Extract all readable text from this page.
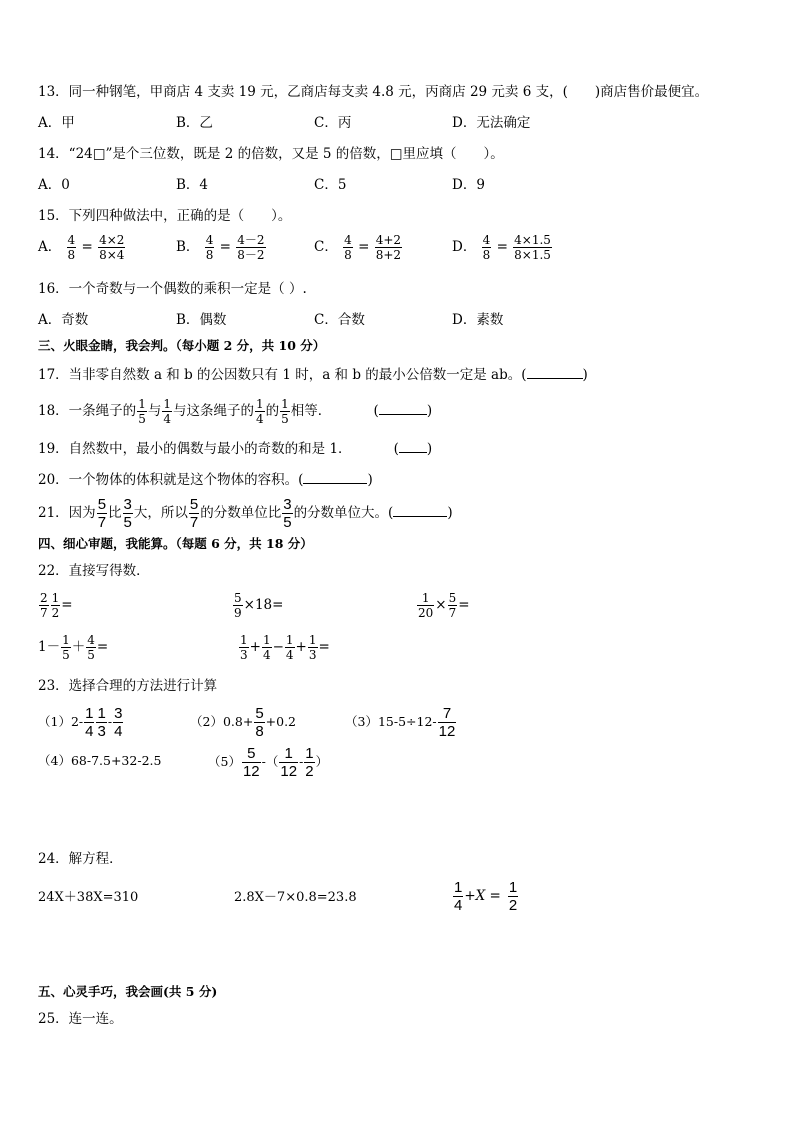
13．同一种钢笔，甲商店 4 支卖 19 元，乙商店每支卖 4.8 元，丙商店 29 元卖 6 支，(　　)商店售价最便宜。
A．甲	B．乙	C．丙	D．无法确定
14．“24□”是个三位数，既是 2 的倍数，又是 5 的倍数，□里应填（　　）。
A．0	B．4	C．5	D．9
15．下列四种做法中，正确的是（　　）。
A． $\frac{4}{8} = \frac{4\times 2}{8\times 4}$	B． $\frac{4}{8} = \frac{4-2}{8-2}$	C． $\frac{4}{8} = \frac{4+2}{8+2}$	D． $\frac{4}{8} = \frac{4\times 1.5}{8\times 1.5}$
16．一个奇数与一个偶数的乘积一定是（ ）.
A．奇数	B．偶数	C．合数	D．素数
三、火眼金睛，我会判。（每小题 2 分，共 10 分）
17．当非零自然数 a 和 b 的公因数只有 1 时，a 和 b 的最小公倍数一定是 ab。(	)
18．一条绳子的 $\frac{1}{5}$ 与 $\frac{1}{4}$ 与这条绳子的 $\frac{1}{4}$ 的 $\frac{1}{5}$ 相等．	(	)
19．自然数中，最小的偶数与最小的奇数的和是 1．	( )
20．一个物体的体积就是这个物体的容积。(	)
21．因为 $\frac{5}{7}$ 比 $\frac{3}{5}$ 大，所以 $\frac{5}{7}$ 的分数单位比 $\frac{3}{5}$ 的分数单位大。(	)
四、细心审题，我能算。（每题 6 分，共 18 分）
22．直接写得数．
$\frac{2}{7} \frac{1}{2}$ =	$\frac{5}{9} \times 18=$	$\frac{1}{20} \times \frac{5}{7}$ =
$1- \frac{1}{5} + \frac{4}{5}$ =	$\frac{1}{3} + \frac{1}{4} - \frac{1}{4} + \frac{1}{3}$ =
23．选择合理的方法进行计算
$(1)2- \frac{1}{4} \frac{1}{3} - \frac{3}{4}$	$(2)0.8+ \frac{5}{8} +0.2$	$(3)15-5\div 12- \frac{7}{12}$
（4）68-7.5+32-2.5	$(5) \frac{5}{12}$ -（ $\frac{1}{12} - \frac{1}{2}$ ）
24．解方程．
24X＋38X=310	2.8X－7×0.8=23.8	$\frac{1}{4} +X = \frac{1}{2}$
五、心灵手巧，我会画(共 5 分)
25．连一连。
